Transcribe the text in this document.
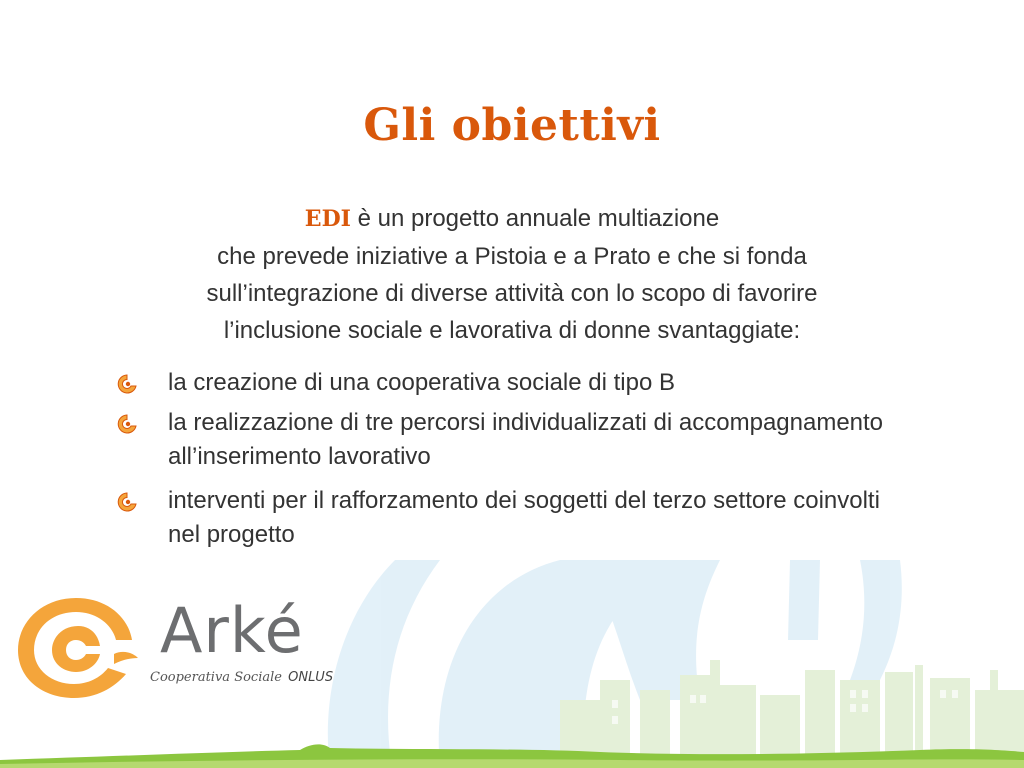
Gli obiettivi
EDI è un progetto annuale multiazione
che prevede iniziative a Pistoia e a Prato e che si fonda
sull’integrazione di diverse attività con lo scopo di favorire
l’inclusione sociale e lavorativa di donne svantaggiate:
la creazione di una cooperativa sociale di tipo B
la realizzazione di tre percorsi individualizzati di accompagnamento all’inserimento lavorativo
interventi per il rafforzamento dei soggetti del terzo settore coinvolti nel progetto
Arké
Cooperativa Sociale ONLUS
